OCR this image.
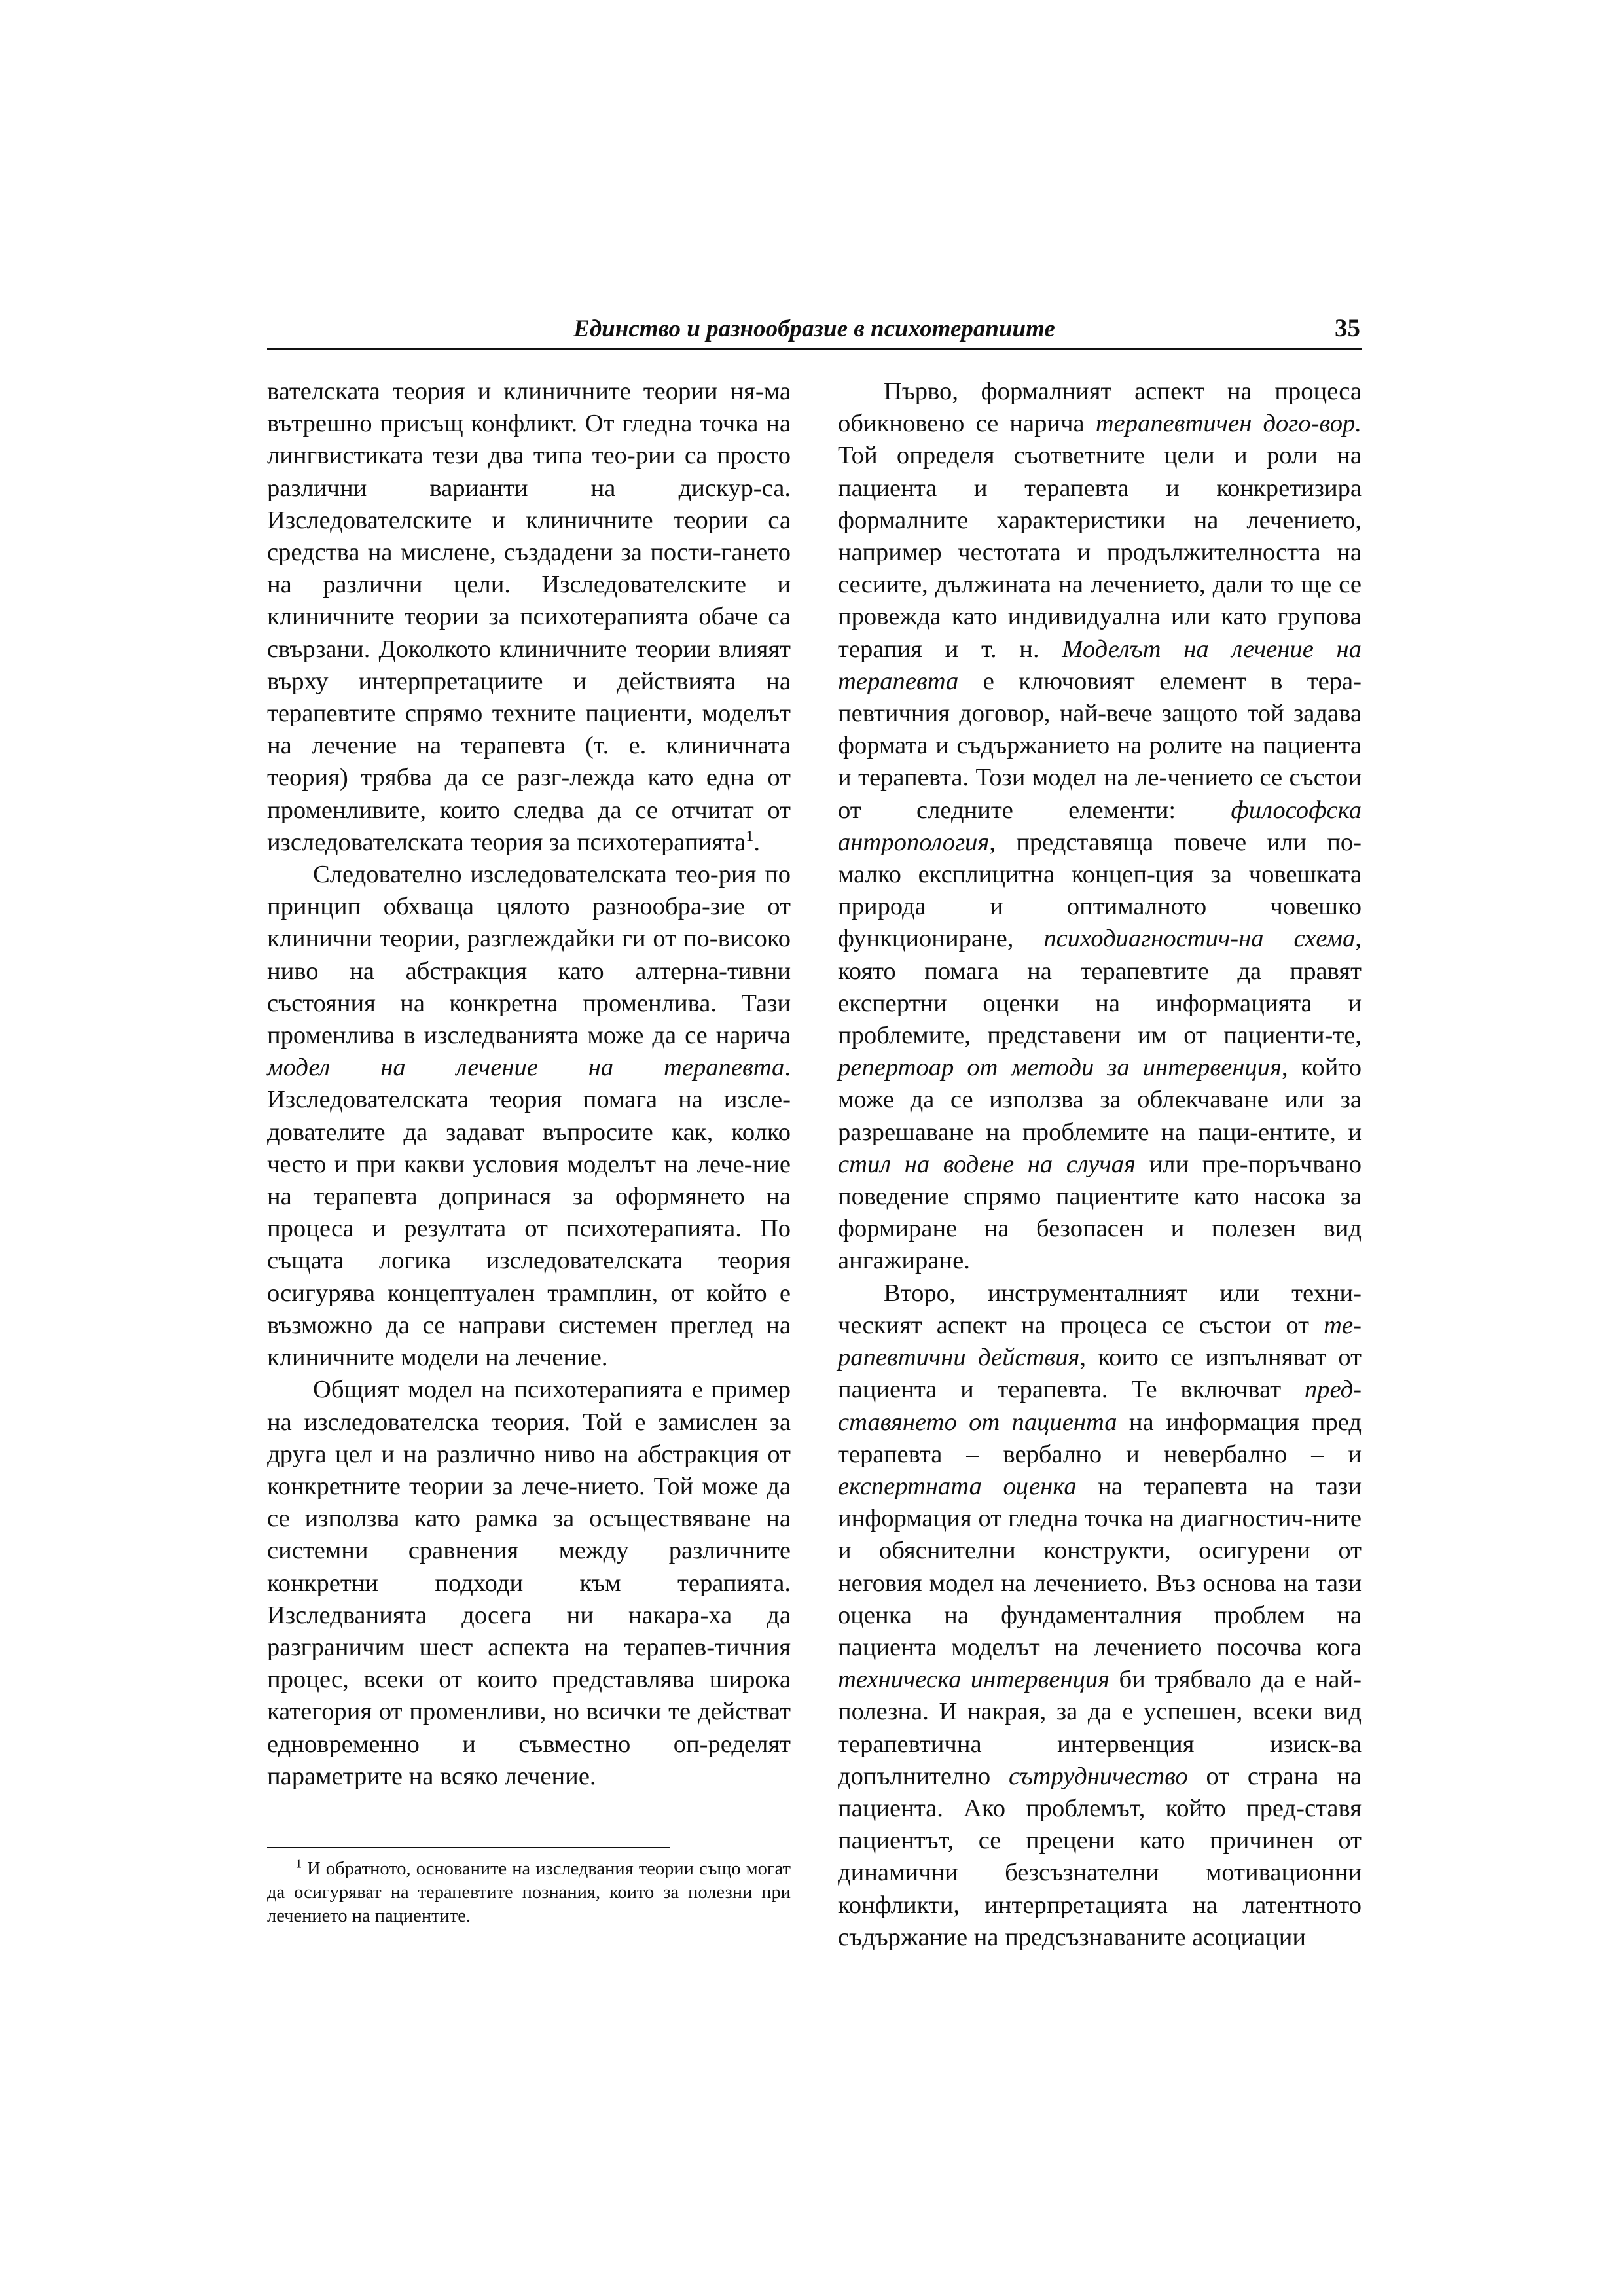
Единство и разнообразие в психотерапиите	35

вателската теория и клиничните теории ня-ма вътрешно присъщ конфликт. От гледна точка на лингвистиката тези два типа тео-рии са просто различни варианти на дискур-са. Изследователските и клиничните теории са средства на мислене, създадени за пости-гането на различни цели. Изследователските и клиничните теории за психотерапията обаче са свързани. Доколкото клиничните теории влияят върху интерпретациите и действията на терапевтите спрямо техните пациенти, моделът на лечение на терапевта (т. е. клиничната теория) трябва да се разг-лежда като една от променливите, които следва да се отчитат от изследователската теория за психотерапията$^1$.

Следователно изследователската тео-рия по принцип обхваща цялото разнообра-зие от клинични теории, разглеждайки ги от по-високо ниво на абстракция като алтерна-тивни състояния на конкретна променлива. Тази променлива в изследванията може да се нарича модел на лечение на терапевта. Изследователската теория помага на изсле-дователите да задават въпросите как, колко често и при какви условия моделът на лече-ние на терапевта допринася за оформянето на процеса и резултата от психотерапията. По същата логика изследователската теория осигурява концептуален трамплин, от който е възможно да се направи системен преглед на клиничните модели на лечение.

Общият модел на психотерапията е пример на изследователска теория. Той е замислен за друга цел и на различно ниво на абстракция от конкретните теории за лече-нието. Той може да се използва като рамка за осъществяване на системни сравнения между различните конкретни подходи към терапията. Изследванията досега ни накара-ха да разграничим шест аспекта на терапев-тичния процес, всеки от които представлява широка категория от променливи, но всички те действат едновременно и съвместно оп-ределят параметрите на всяко лечение.

$^1$ И обратното, основаните на изследвания теории също могат да осигуряват на терапевтите познания, които за полезни при лечението на пациентите.

Първо, формалният аспект на процеса обикновено се нарича терапевтичен дого-вор. Той определя съответните цели и роли на пациента и терапевта и конкретизира формалните характеристики на лечението, например честотата и продължителността на сесиите, дължината на лечението, дали то ще се провежда като индивидуална или като групова терапия и т. н. Моделът на лечение на терапевта е ключовият елемент в тера-певтичния договор, най-вече защото той задава формата и съдържанието на ролите на пациента и терапевта. Този модел на ле-чението се състои от следните елементи: философска антропология, представяща повече или по-малко експлицитна концеп-ция за човешката природа и оптималното човешко функциониране, психодиагностич-на схема, която помага на терапевтите да правят експертни оценки на информацията и проблемите, представени им от пациенти-те, репертоар от методи за интервенция, който може да се използва за облекчаване или за разрешаване на проблемите на паци-ентите, и стил на водене на случая или пре-поръчвано поведение спрямо пациентите като насока за формиране на безопасен и полезен вид ангажиране.

Второ, инструменталният или техни-ческият аспект на процеса се състои от те-рапевтични действия, които се изпълняват от пациента и терапевта. Те включват пред-ставянето от пациента на информация пред терапевта – вербално и невербално – и експертната оценка на терапевта на тази информация от гледна точка на диагностич-ните и обяснителни конструкти, осигурени от неговия модел на лечението. Въз основа на тази оценка на фундаменталния проблем на пациента моделът на лечението посочва кога техническа интервенция би трябвало да е най-полезна. И накрая, за да е успешен, всеки вид терапевтична интервенция изиск-ва допълнително сътрудничество от страна на пациента. Ако проблемът, който пред-ставя пациентът, се прецени като причинен от динамични безсъзнателни мотивационни конфликти, интерпретацията на латентното съдържание на предсъзнаваните асоциации
